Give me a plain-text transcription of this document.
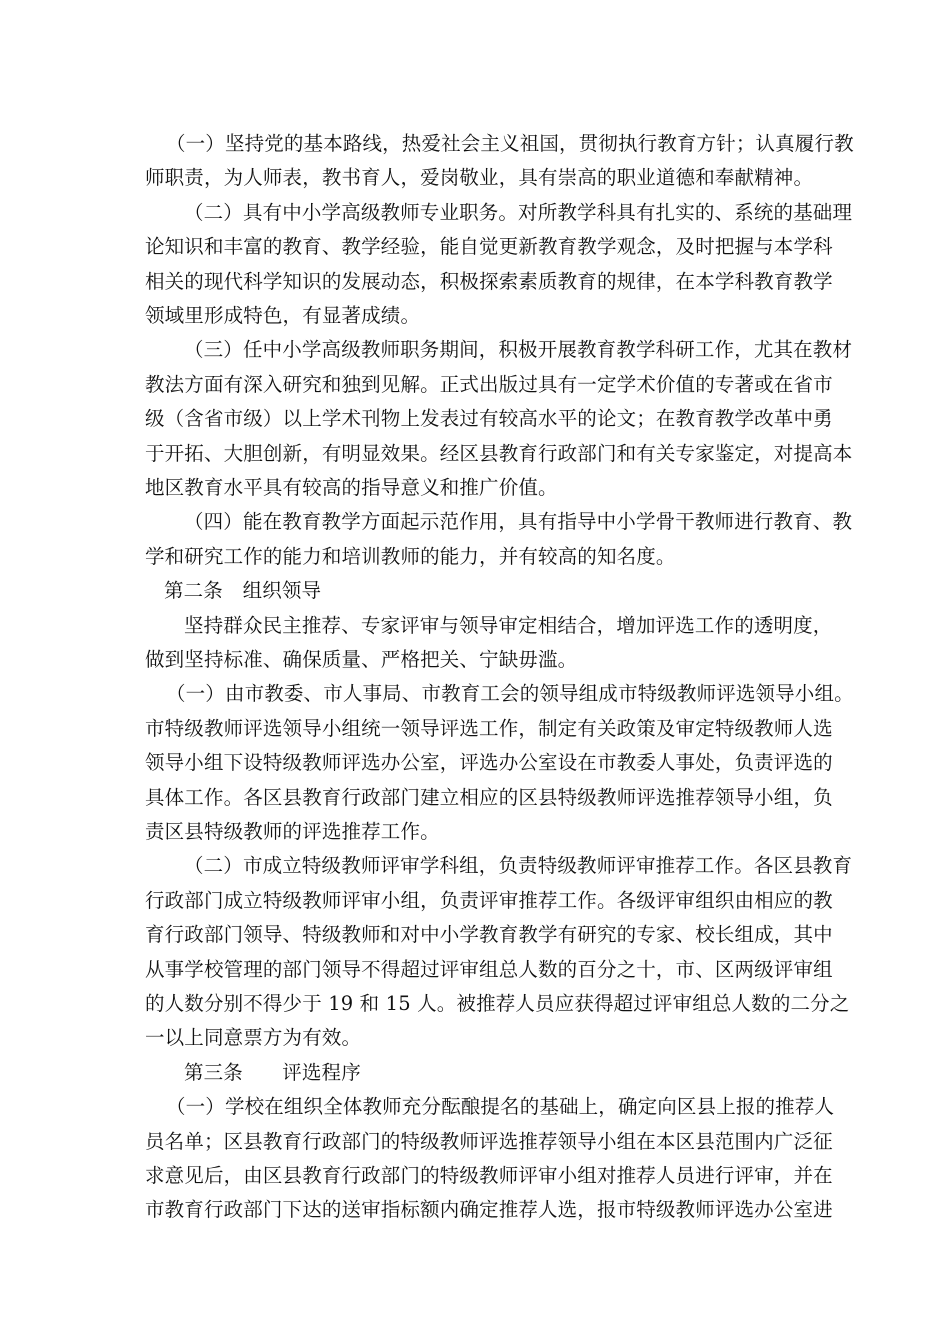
（一）坚持党的基本路线，热爱社会主义祖国，贯彻执行教育方针；认真履行教
师职责，为人师表，教书育人，爱岗敬业，具有崇高的职业道德和奉献精神。
（二）具有中小学高级教师专业职务。对所教学科具有扎实的、系统的基础理
论知识和丰富的教育、教学经验，能自觉更新教育教学观念，及时把握与本学科
相关的现代科学知识的发展动态，积极探索素质教育的规律，在本学科教育教学
领域里形成特色，有显著成绩。
（三）任中小学高级教师职务期间，积极开展教育教学科研工作，尤其在教材
教法方面有深入研究和独到见解。正式出版过具有一定学术价值的专著或在省市
级（含省市级）以上学术刊物上发表过有较高水平的论文；在教育教学改革中勇
于开拓、大胆创新，有明显效果。经区县教育行政部门和有关专家鉴定，对提高本
地区教育水平具有较高的指导意义和推广价值。
（四）能在教育教学方面起示范作用，具有指导中小学骨干教师进行教育、教
学和研究工作的能力和培训教师的能力，并有较高的知名度。
第二条　组织领导
坚持群众民主推荐、专家评审与领导审定相结合，增加评选工作的透明度，
做到坚持标准、确保质量、严格把关、宁缺毋滥。
（一）由市教委、市人事局、市教育工会的领导组成市特级教师评选领导小组。
市特级教师评选领导小组统一领导评选工作，制定有关政策及审定特级教师人选
领导小组下设特级教师评选办公室，评选办公室设在市教委人事处，负责评选的
具体工作。各区县教育行政部门建立相应的区县特级教师评选推荐领导小组，负
责区县特级教师的评选推荐工作。
（二）市成立特级教师评审学科组，负责特级教师评审推荐工作。各区县教育
行政部门成立特级教师评审小组，负责评审推荐工作。各级评审组织由相应的教
育行政部门领导、特级教师和对中小学教育教学有研究的专家、校长组成，其中
从事学校管理的部门领导不得超过评审组总人数的百分之十，市、区两级评审组
的人数分别不得少于 19 和 15 人。被推荐人员应获得超过评审组总人数的二分之
一以上同意票方为有效。
第三条　　评选程序
（一）学校在组织全体教师充分酝酿提名的基础上，确定向区县上报的推荐人
员名单；区县教育行政部门的特级教师评选推荐领导小组在本区县范围内广泛征
求意见后，由区县教育行政部门的特级教师评审小组对推荐人员进行评审，并在
市教育行政部门下达的送审指标额内确定推荐人选，报市特级教师评选办公室进
